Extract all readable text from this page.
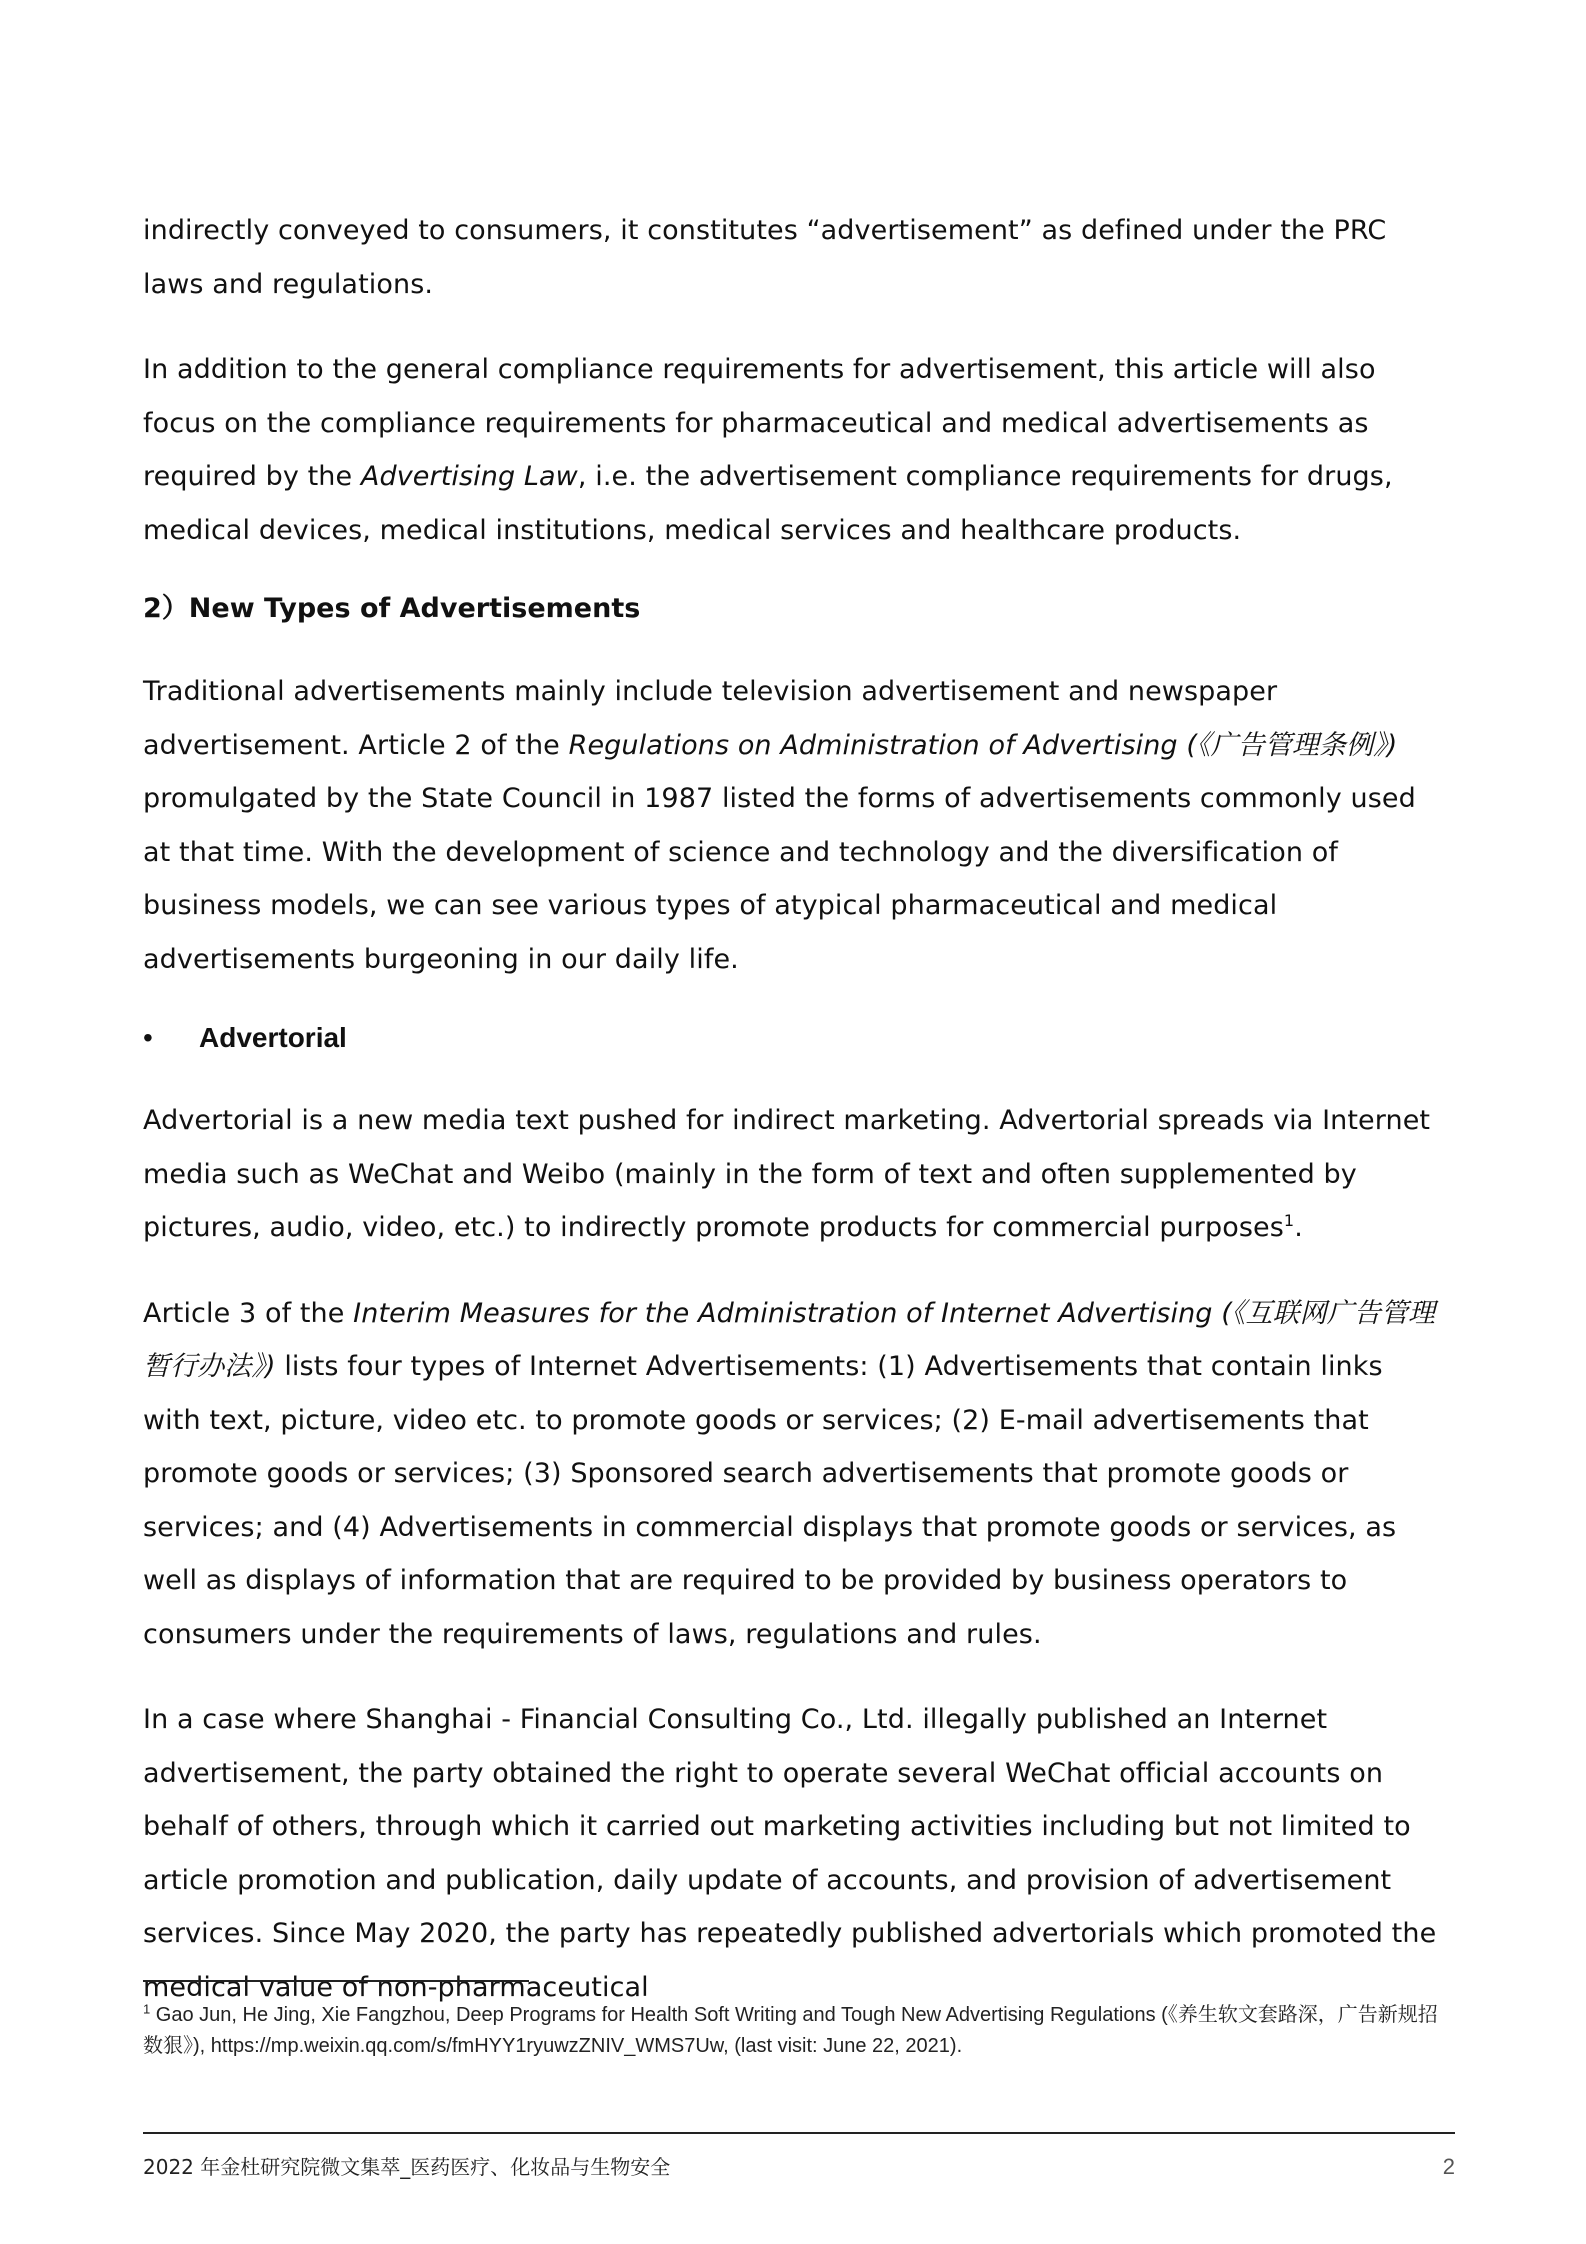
indirectly conveyed to consumers, it constitutes “advertisement” as defined under the PRC laws and regulations.

In addition to the general compliance requirements for advertisement, this article will also focus on the compliance requirements for pharmaceutical and medical advertisements as required by the Advertising Law, i.e. the advertisement compliance requirements for drugs, medical devices, medical institutions, medical services and healthcare products.

2）New Types of Advertisements

Traditional advertisements mainly include television advertisement and newspaper advertisement. Article 2 of the Regulations on Administration of Advertising (《广告管理条例》) promulgated by the State Council in 1987 listed the forms of advertisements commonly used at that time. With the development of science and technology and the diversification of business models, we can see various types of atypical pharmaceutical and medical advertisements burgeoning in our daily life.

• Advertorial

Advertorial is a new media text pushed for indirect marketing. Advertorial spreads via Internet media such as WeChat and Weibo (mainly in the form of text and often supplemented by pictures, audio, video, etc.) to indirectly promote products for commercial purposes$^1$.

Article 3 of the Interim Measures for the Administration of Internet Advertising (《互联网广告管理暂行办法》) lists four types of Internet Advertisements: (1) Advertisements that contain links with text, picture, video etc. to promote goods or services; (2) E-mail advertisements that promote goods or services; (3) Sponsored search advertisements that promote goods or services; and (4) Advertisements in commercial displays that promote goods or services, as well as displays of information that are required to be provided by business operators to consumers under the requirements of laws, regulations and rules.

In a case where Shanghai - Financial Consulting Co., Ltd. illegally published an Internet advertisement, the party obtained the right to operate several WeChat official accounts on behalf of others, through which it carried out marketing activities including but not limited to article promotion and publication, daily update of accounts, and provision of advertisement services. Since May 2020, the party has repeatedly published advertorials which promoted the medical value of non-pharmaceutical

$^1$ Gao Jun, He Jing, Xie Fangzhou, Deep Programs for Health Soft Writing and Tough New Advertising Regulations (《养生软文套路深，广告新规招数狠》), https://mp.weixin.qq.com/s/fmHYY1ryuwzZNIV_WMS7Uw, (last visit: June 22, 2021).
2022 年金杜研究院微文集萃_医药医疗、化妆品与生物安全	2
